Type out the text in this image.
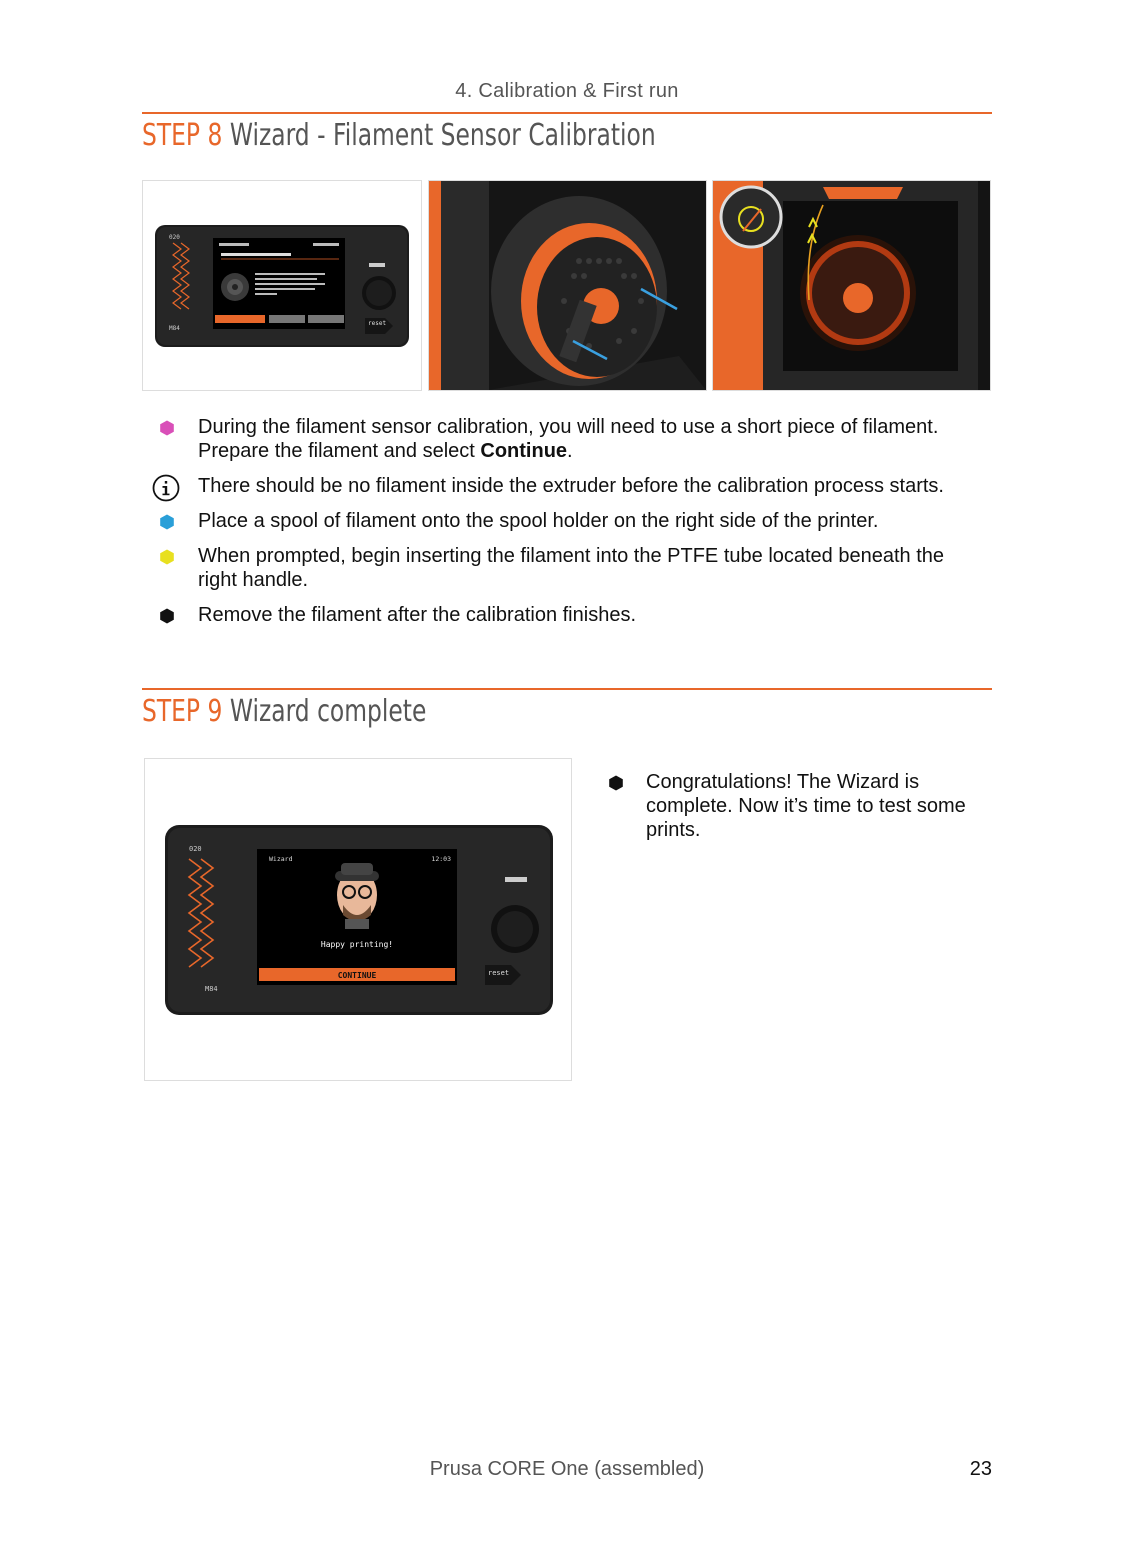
4. Calibration & First run
STEP 8 Wizard - Filament Sensor Calibration
reset
020
M84
During the filament sensor calibration, you will need to use a short piece of filament. Prepare the filament and select Continue.
There should be no filament inside the extruder before the calibration process starts.
Place a spool of filament onto the spool holder on the right side of the printer.
When prompted, begin inserting the filament into the PTFE tube located beneath the right handle.
Remove the filament after the calibration finishes.
STEP 9 Wizard complete
CONTINUE
Happy printing!
Wizard	12:03
reset
020
M84
Congratulations! The Wizard is complete. Now it’s time to test some prints.
Prusa CORE One (assembled)	23
